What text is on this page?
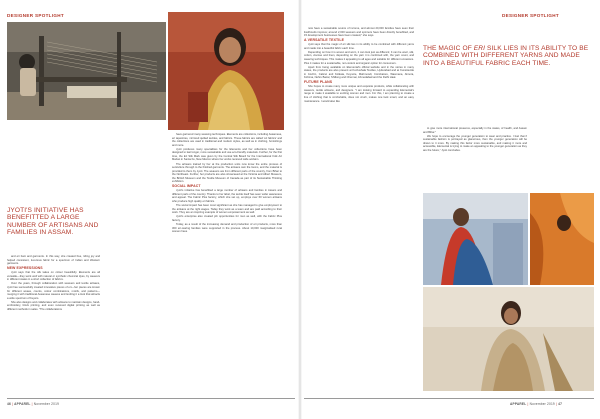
DESIGNER SPOTLIGHT
JYOTI'S INITIATIVE HAS BENEFITTED A LARGE NUMBER OF ARTISANS AND FAMILIES IN ASSAM.

and eri bani and garments. In this way, she created free, riding joy and helped consistent, luxurious fabric for a spectrum of Indian and Western garments.

NEW EXPRESSIONS

Jyoti says that the silk takes on colour beautifully. Elements are all versatile—they work well with natural or synthetic chemical dyes, by weavers in different states in a short collection of fabrics.

Over the years, through collaboration with weavers and textile artisans, Jyoti has successfully created innovative pieces of eri—her pieces are known for different weave, counts, colour combinations, motifs, and patterns—merging it with traditional Assamese weaves and lending it a look that attracts a wide spectrum of buyers.

She also designs and collaborates with artisans to maintain designs, hand-embroidery, block printing, and even received digital printing as well as different methods in sales. "The collaborations

have garnered many weaving techniques. Elements are collections, including Assamese, eri tapestries, mirrored quilted textiles, and fabrics. These fabrics are called 'eri fabrics' and the collections are used in traditional and modern styles, as well as in clothing, furnishings and more.

Jyoti produces many specialities for the Elements and her collections have been designed to last longer, more sustainable and use eco-friendly materials. Further, for the first time, the Eri Silk Mark was given by the Central Silk Board for the International Folk Art Market in Santa Fe, New Mexico where her works received wide acclaim.

The artisans trained by her at the production units now know the entire process of sericulture through to the finished garments. The artisans own the looms, and the material is provided to them by Jyoti. The weavers are from different parts of the country, from Bihar to the Northeast. Further, her products are also showcased at the Victoria and Albert Museum, the British Museum and the Textile Museum of Canada as part of its Sustainable Thinking exhibition.

SOCIAL IMPACT

Jyoti's initiative has benefitted a large number of artisans and families in Assam and different parts of the country. Thanks to her label, the textile itself has seen wider awareness and appeal. The Fabric Plus factory, which she set up, employs over 60 women artisans who produce high quality eri fabrics.

The social impact has been most significant as she has managed to give employment to the artisans at the right wages. Today they work as a team and are paid according to their work. They are an inspiring example of women empowerment as well.

Jyoti's enterprise also created job opportunities for men as well, with the Fabric Plus factory.

Today, as a result of the increasing demand and production of eri products, more than 300 eri-rearing families were supported in the process. About 10,000 marginalised rural women have

46 | APPAREL | November 2019
DESIGNER SPOTLIGHT

now have a sustainable source of income, and almost 20,000 families have seen their livelihoods improve; around 2,000 weavers and spinners have been directly benefitted, and 15 development businesses have been created," she says.

A VERSATILE TEXTILE

Jyoti says that the magic of eri silk lies in its ability to be combined with different yarns and made into a beautiful fabric each time.

Depending on how it is woven and worn, it can look just as different; It can be wool, silk, cotton, viscose and linen, depending on the yarn it is combined with, the yarn count, and weaving techniques. This makes it appealing to all ages and suitable for different occasions. Plus it makes for a sustainable, non-violent and organic option for consumers.

Apart from being available on Elemental's official website and in the stores in many states, the products are also present at Kunfushala Textiles, Hyderabad and at Kunsttextile in Cochin, Calicut and Kolkata, Keynote, Mahmoodi, Coimbatore, Wasmana, Almora, Kohima, Nehru Bazar, Shillong and Chennai, Ahmedabad and the Delhi Haat.

FUTURE PLANS

She hopes to create many more unique and exquisite products, while collaborating with weavers, textile artisans, and designers. "I am looking forward to expanding Elemental's range to make it available to exciting women and men. For this, I am planning to create a line of clothing that is comfortable, does not crush, makes one look smart, and an easy maintenance. I would also like

THE MAGIC OF ERI SILK LIES IN ITS ABILITY TO BE COMBINED WITH DIFFERENT YARNS AND MADE INTO A BEAUTIFUL FABRIC EACH TIME.

to give more international presence, especially in the states, of health, and Assam and Bihar."

We hope to encourage the younger generation to wear and practice. I feel that if sustainable fashion is portrayed as glamorous, then the younger generation will be drawn to it more. By making this factor more sustainable, and making it more and accessible, Elemental is trying to make an appealing to the younger generation as they are the future," Jyoti concludes.

APPAREL | November 2019 | 47
